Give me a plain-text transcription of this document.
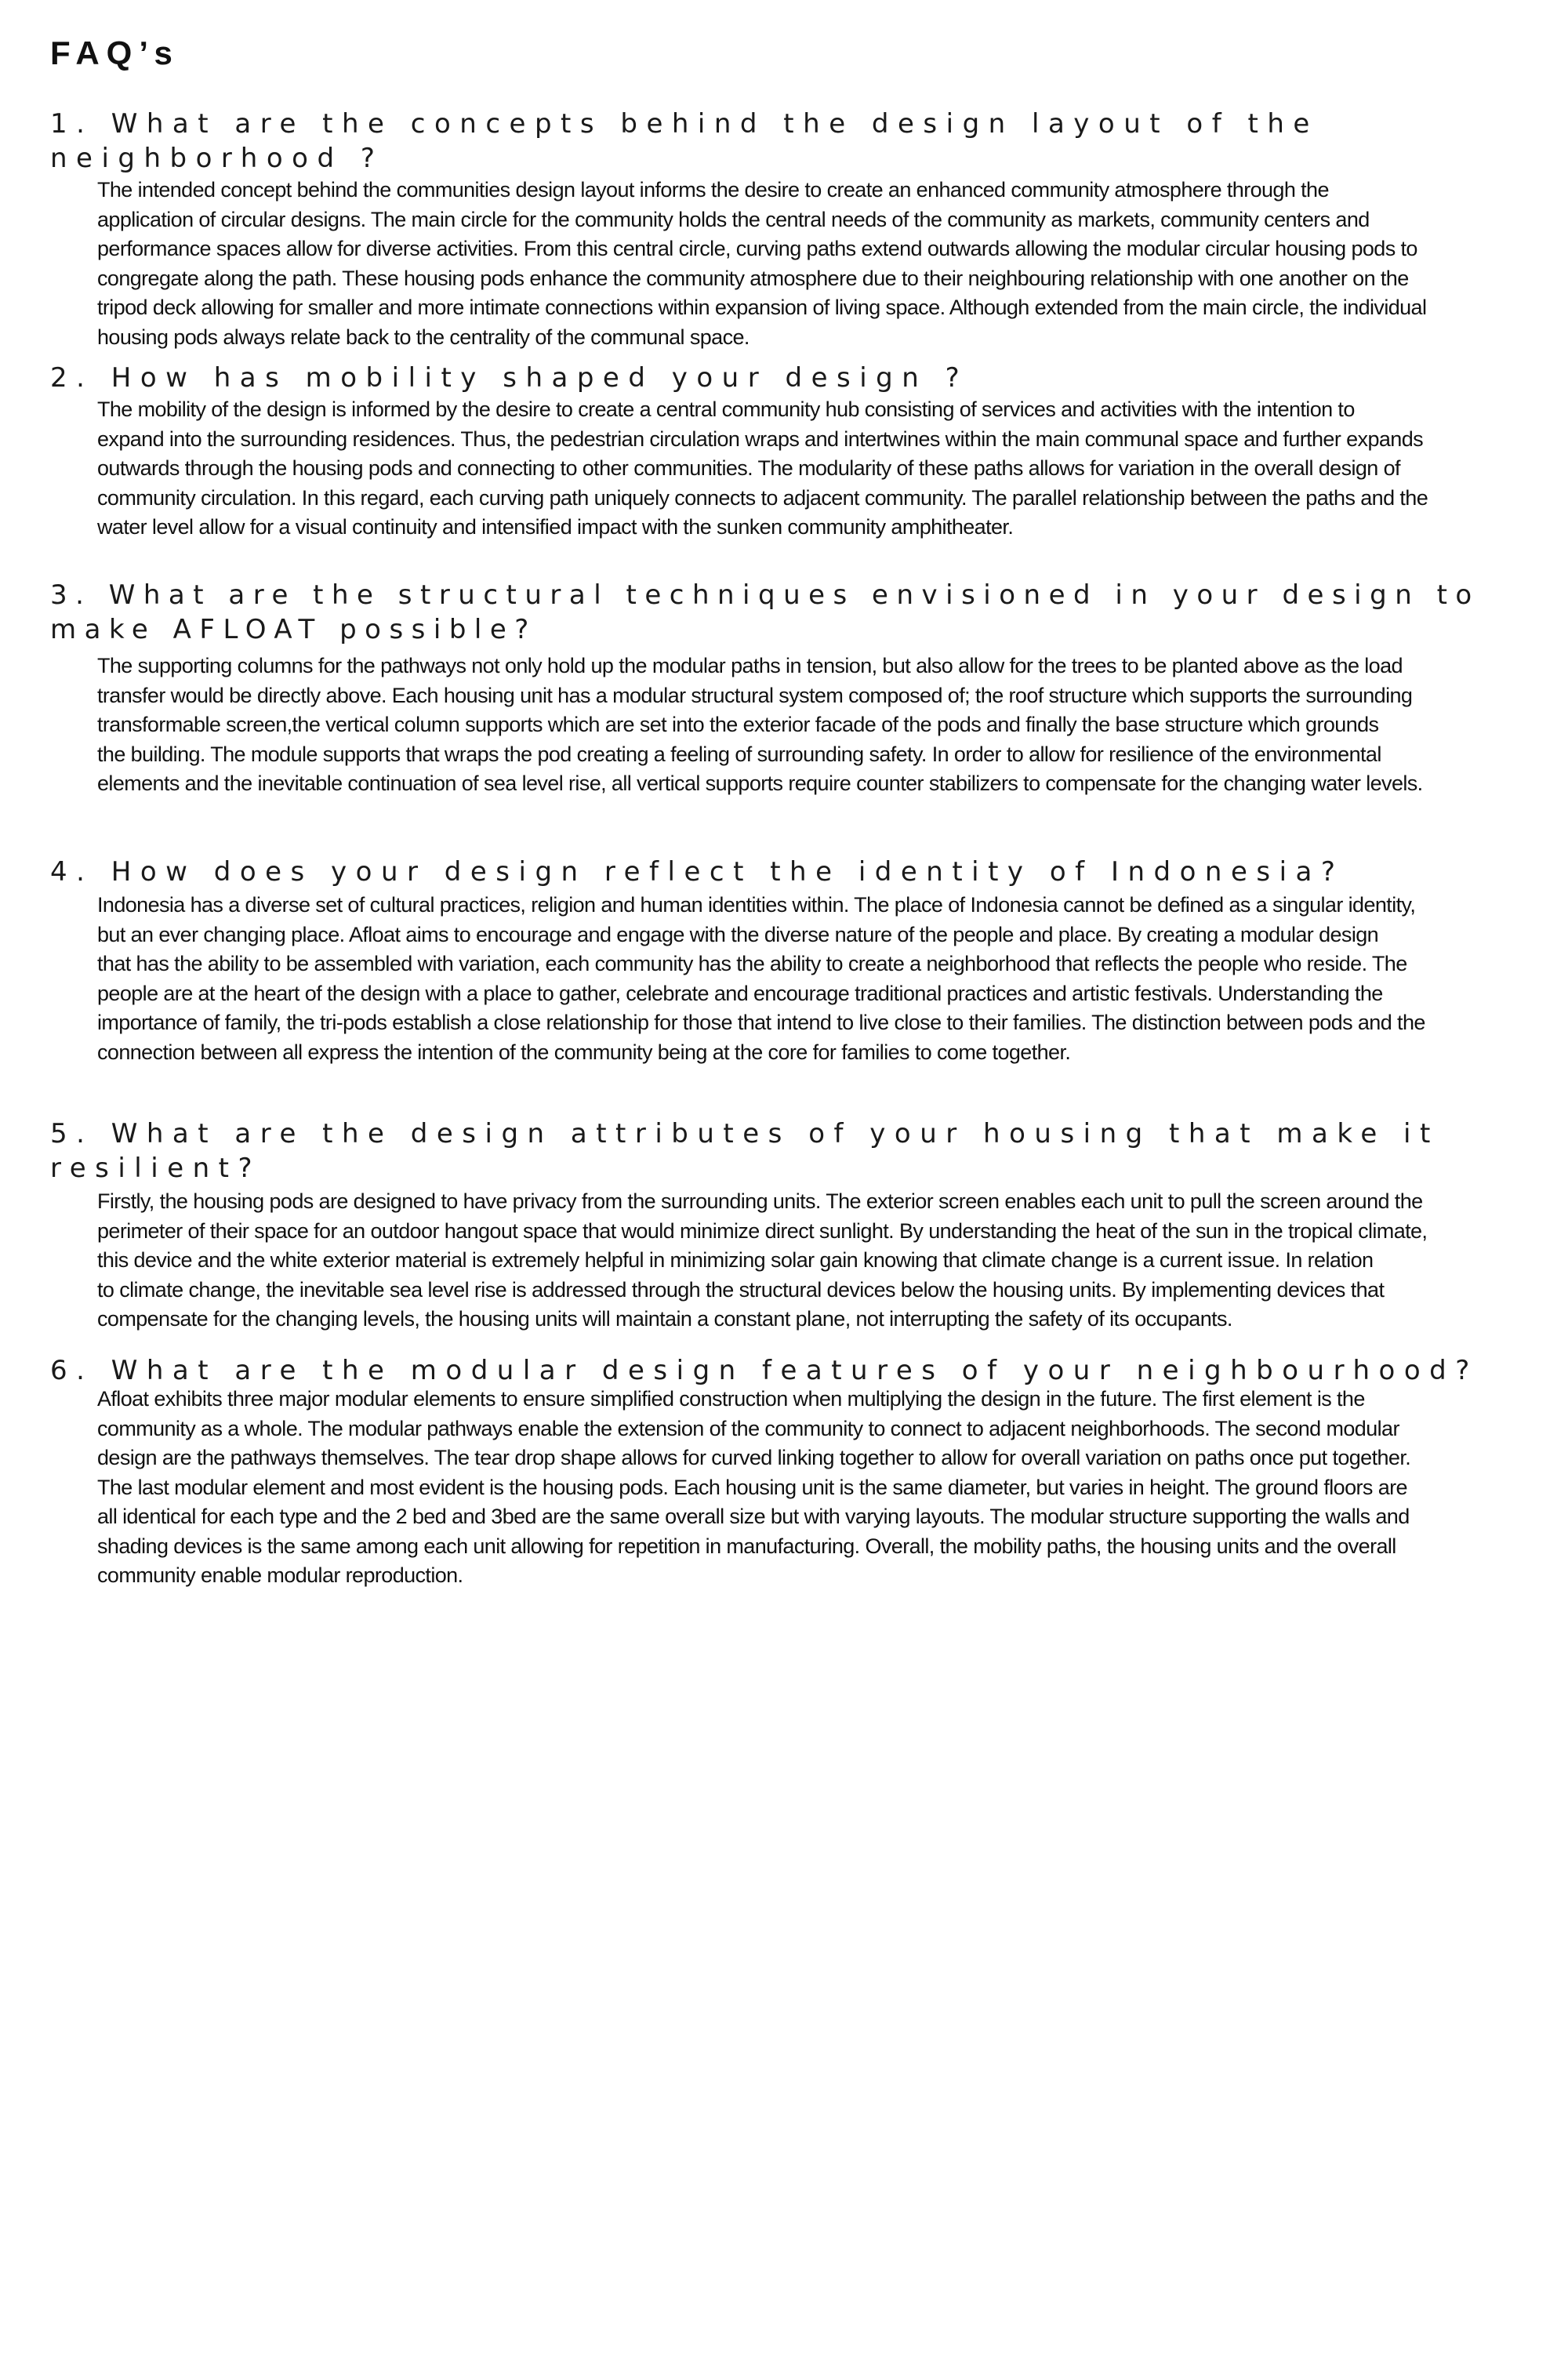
FAQ’s
1. What are the concepts behind the design layout of the neighborhood ?
The intended concept behind the communities design layout informs the desire to create an enhanced community atmosphere through the
application of circular designs. The main circle for the community holds the central needs of the community as markets, community centers and
performance spaces allow for diverse activities. From this central circle, curving paths extend outwards allowing the modular circular housing pods to
congregate along the path. These housing pods enhance the community atmosphere due to their neighbouring relationship with one another on the
tripod deck allowing for smaller and more intimate connections within expansion of living space. Although extended from the main circle, the individual
housing pods always relate back to the centrality of the communal space.
2. How has mobility shaped your design ?
The mobility of the design is informed by the desire to create a central community hub consisting of services and activities with the intention to
expand into the surrounding residences. Thus, the pedestrian circulation wraps and intertwines within the main communal space and further expands
outwards through the housing pods and connecting to other communities. The modularity of these paths allows for variation in the overall design of
community circulation. In this regard, each curving path uniquely connects to adjacent community. The parallel relationship between the paths and the
water level allow for a visual continuity and intensified impact with the sunken community amphitheater.
3. What are the structural techniques envisioned in your design to make AFLOAT possible?
The supporting columns for the pathways not only hold up the modular paths in tension, but also allow for the trees to be planted above as the load
transfer would be directly above. Each housing unit has a modular structural system composed of; the roof structure which supports the surrounding
transformable screen,the vertical column supports which are set into the exterior facade of the pods and finally the base structure which grounds
the building. The module supports that wraps the pod creating a feeling of surrounding safety. In order to allow for resilience of the environmental
elements and the inevitable continuation of sea level rise, all vertical supports require counter stabilizers to compensate for the changing water levels.
4. How does your design reflect the identity of Indonesia?
Indonesia has a diverse set of cultural practices, religion and human identities within. The place of Indonesia cannot be defined as a singular identity,
but an ever changing place. Afloat aims to encourage and engage with the diverse nature of the people and place. By creating a modular design
that has the ability to be assembled with variation, each community has the ability to create a neighborhood that reflects the people who reside. The
people are at the heart of the design with a place to gather, celebrate and encourage traditional practices and artistic festivals. Understanding the
importance of family, the tri-pods establish a close relationship for those that intend to live close to their families. The distinction between pods and the
connection between all express the intention of the community being at the core for families to come together.
5. What are the design attributes of your housing that make it resilient?
Firstly, the housing pods are designed to have privacy from the surrounding units. The exterior screen enables each unit to pull the screen around the
perimeter of their space for an outdoor hangout space that would minimize direct sunlight. By understanding the heat of the sun in the tropical climate,
this device and the white exterior material is extremely helpful in minimizing solar gain knowing that climate change is a current issue. In relation
to climate change, the inevitable sea level rise is addressed through the structural devices below the housing units. By implementing devices that
compensate for the changing levels, the housing units will maintain a constant plane, not interrupting the safety of its occupants.
6. What are the modular design features of your neighbourhood?
Afloat exhibits three major modular elements to ensure simplified construction when multiplying the design in the future. The first element is the
community as a whole. The modular pathways enable the extension of the community to connect to adjacent neighborhoods. The second modular
design are the pathways themselves. The tear drop shape allows for curved linking together to allow for overall variation on paths once put together.
The last modular element and most evident is the housing pods. Each housing unit is the same diameter, but varies in height. The ground floors are
all identical for each type and the 2 bed and 3bed are the same overall size but with varying layouts. The modular structure supporting the walls and
shading devices is the same among each unit allowing for repetition in manufacturing. Overall, the mobility paths, the housing units and the overall
community enable modular reproduction.
